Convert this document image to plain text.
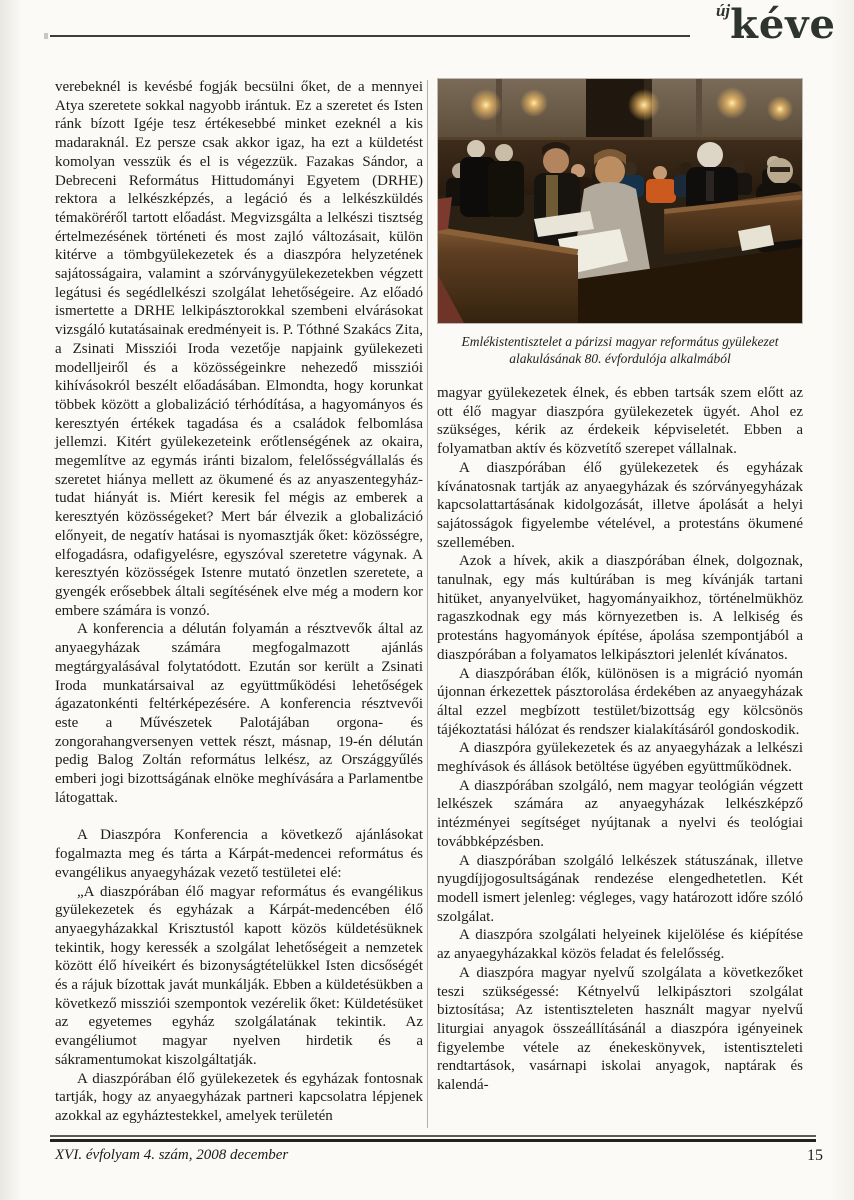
újkéve

verebeknél is kevésbé fogják becsülni őket, de a mennyei Atya szeretete sokkal nagyobb irántuk. Ez a szeretet és Isten ránk bízott Igéje tesz értékesebbé minket ezeknél a kis madaraknál. Ez persze csak akkor igaz, ha ezt a küldetést komolyan vesszük és el is végezzük. Fazakas Sándor, a Debreceni Református Hittudományi Egyetem (DRHE) rektora a lelkészképzés, a legáció és a lelkészküldés témaköréről tartott előadást. Megvizsgálta a lelkészi tisztség értelmezésének történeti és most zajló változásait, külön kitérve a tömbgyülekezetek és a diaszpóra helyzetének sajátosságaira, valamint a szórványgyülekezetekben végzett legátusi és segédlelkészi szolgálat lehetőségeire. Az előadó ismertette a DRHE lelkipásztorokkal szembeni elvárásokat vizsgáló kutatásainak eredményeit is. P. Tóthné Szakács Zita, a Zsinati Missziói Iroda vezetője napjaink gyülekezeti modelljeiről és a közösségeinkre nehezedő missziói kihívásokról beszélt előadásában. Elmondta, hogy korunkat többek között a globalizáció térhódítása, a hagyományos és keresztyén értékek tagadása és a családok felbomlása jellemzi. Kitért gyülekezeteink erőtlenségének az okaira, megemlítve az egymás iránti bizalom, felelősségvállalás és szeretet hiánya mellett az ökumené és az anyaszentegyház-tudat hiányát is. Miért keresik fel mégis az emberek a keresztyén közösségeket? Mert bár élvezik a globalizáció előnyeit, de negatív hatásai is nyomasztják őket: közösségre, elfogadásra, odafigyelésre, egyszóval szeretetre vágynak. A keresztyén közösségek Istenre mutató önzetlen szeretete, a gyengék erősebbek általi segítésének elve még a modern kor embere számára is vonzó.

A konferencia a délután folyamán a résztvevők által az anyaegyházak számára megfogalmazott ajánlás megtárgyalásával folytatódott. Ezután sor került a Zsinati Iroda munkatársaival az együttműködési lehetőségek ágazatonkénti feltérképezésére. A konferencia résztvevői este a Művészetek Palotájában orgona- és zongorahangversenyen vettek részt, másnap, 19-én délután pedig Balog Zoltán református lelkész, az Országgyűlés emberi jogi bizottságának elnöke meghívására a Parlamentbe látogattak.

A Diaszpóra Konferencia a következő ajánlásokat fogalmazta meg és tárta a Kárpát-medencei református és evangélikus anyaegyházak vezető testületei elé:

„A diaszpórában élő magyar református és evangélikus gyülekezetek és egyházak a Kárpát-medencében élő anyaegyházakkal Krisztustól kapott közös küldetésüknek tekintik, hogy keressék a szolgálat lehetőségeit a nemzetek között élő híveikért és bizonyságtételükkel Isten dicsőségét és a rájuk bízottak javát munkálják. Ebben a küldetésükben a következő missziói szempontok vezérelik őket: Küldetésüket az egyetemes egyház szolgálatának tekintik. Az evangéliumot magyar nyelven hirdetik és a sákramentumokat kiszolgáltatják.

A diaszpórában élő gyülekezetek és egyházak fontosnak tartják, hogy az anyaegyházak partneri kapcsolatra lépjenek azokkal az egyháztestekkel, amelyek területén

Emlékistentisztelet a párizsi magyar református gyülekezet
alakulásának 80. évfordulója alkalmából

magyar gyülekezetek élnek, és ebben tartsák szem előtt az ott élő magyar diaszpóra gyülekezetek ügyét. Ahol ez szükséges, kérik az érdekeik képviseletét. Ebben a folyamatban aktív és közvetítő szerepet vállalnak.

A diaszpórában élő gyülekezetek és egyházak kívánatosnak tartják az anyaegyházak és szórványegyházak kapcsolattartásának kidolgozását, illetve ápolását a helyi sajátosságok figyelembe vételével, a protestáns ökumené szellemében.

Azok a hívek, akik a diaszpórában élnek, dolgoznak, tanulnak, egy más kultúrában is meg kívánják tartani hitüket, anyanyelvüket, hagyományaikhoz, történelmükhöz ragaszkodnak egy más környezetben is. A lelkiség és protestáns hagyományok építése, ápolása szempontjából a diaszpórában a folyamatos lelkipásztori jelenlét kívánatos.

A diaszpórában élők, különösen is a migráció nyomán újonnan érkezettek pásztorolása érdekében az anyaegyházak által ezzel megbízott testület/bizottság egy kölcsönös tájékoztatási hálózat és rendszer kialakításáról gondoskodik.

A diaszpóra gyülekezetek és az anyaegyházak a lelkészi meghívások és állások betöltése ügyében együttműködnek.

A diaszpórában szolgáló, nem magyar teológián végzett lelkészek számára az anyaegyházak lelkészképző intézményei segítséget nyújtanak a nyelvi és teológiai továbbképzésben.

A diaszpórában szolgáló lelkészek státuszának, illetve nyugdíjjogosultságának rendezése elengedhetetlen. Két modell ismert jelenleg: végleges, vagy határozott időre szóló szolgálat.

A diaszpóra szolgálati helyeinek kijelölése és kiépítése az anyaegyházakkal közös feladat és felelősség.

A diaszpóra magyar nyelvű szolgálata a következőket teszi szükségessé: Kétnyelvű lelkipásztori szolgálat biztosítása; Az istentiszteleten használt magyar nyelvű liturgiai anyagok összeállításánál a diaszpóra igényeinek figyelembe vétele az énekeskönyvek, istentiszteleti rendtartások, vasárnapi iskolai anyagok, naptárak és kalendá-

XVI. évfolyam 4. szám, 2008 december	15
